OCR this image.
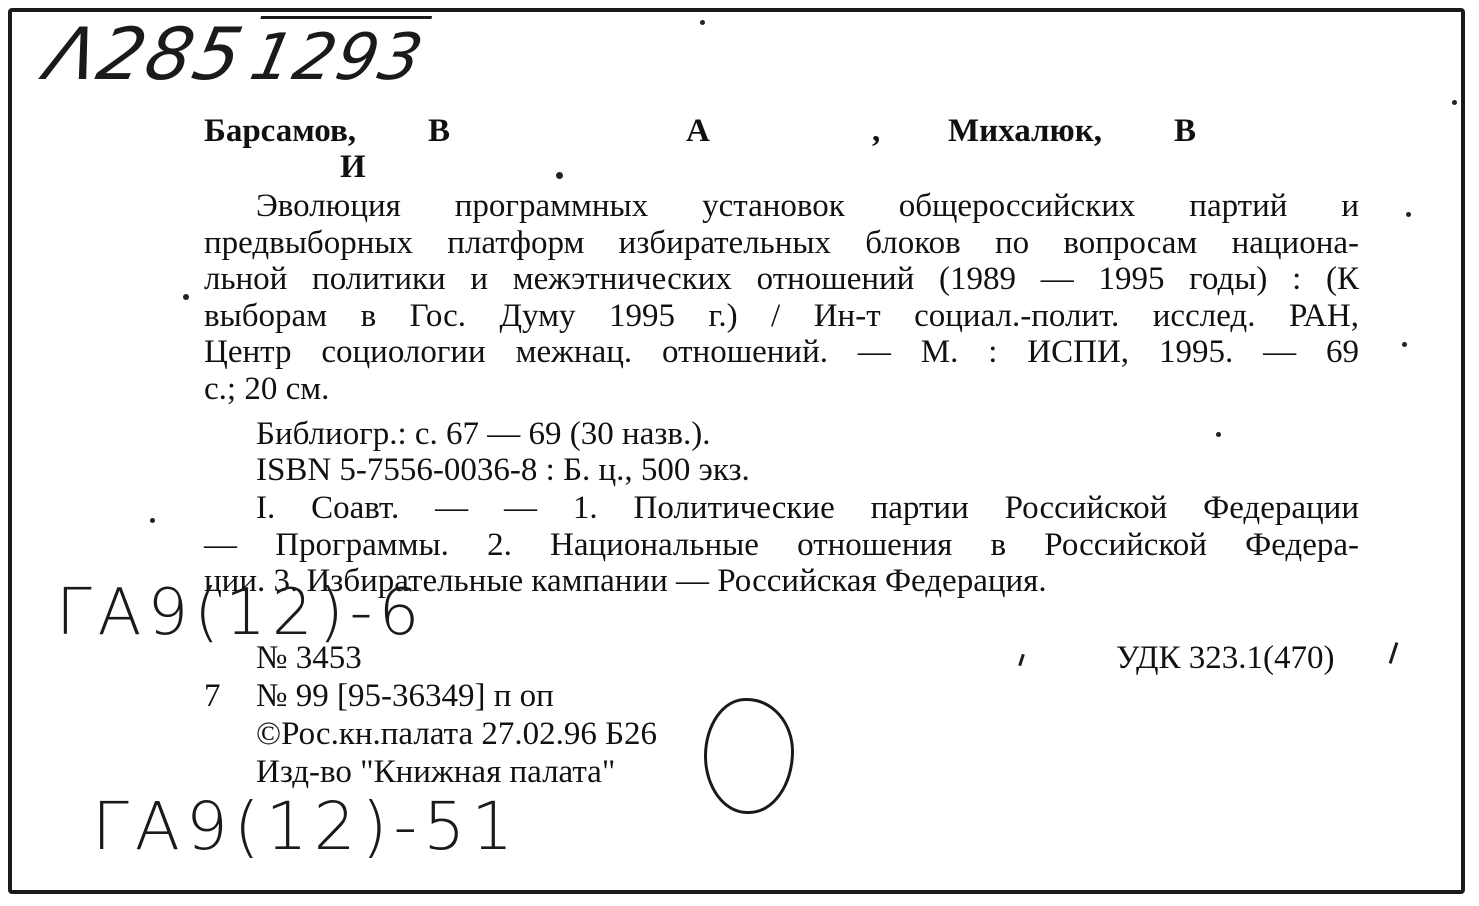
Λ2851293
Барсамов, В	А	, Михалюк, В
И
Эволюция программных установок общероссийских партий и
предвыборных платформ избирательных блоков по вопросам национа-
льной политики и межэтнических отношений (1989 — 1995 годы) : (К
выборам в Гос. Думу 1995 г.) / Ин-т социал.-полит. исслед. РАН,
Центр социологии межнац. отношений. — М. : ИСПИ, 1995. — 69
с.; 20 см.
Библиогр.: с. 67 — 69 (30 назв.).
ISBN 5-7556-0036-8 : Б. ц., 500 экз.
I. Соавт. — — 1. Политические партии Российской Федерации
— Программы. 2. Национальные отношения в Российской Федера-
ции. 3. Избирательные кампании — Российская Федерация.
ГА9(12)-6
ГА9(12)-51
№ 3453	УДК 323.1(470)
7 № 99 [95-36349] п оп
©Рос.кн.палата 27.02.96 Б26
Изд-во "Книжная палата"
